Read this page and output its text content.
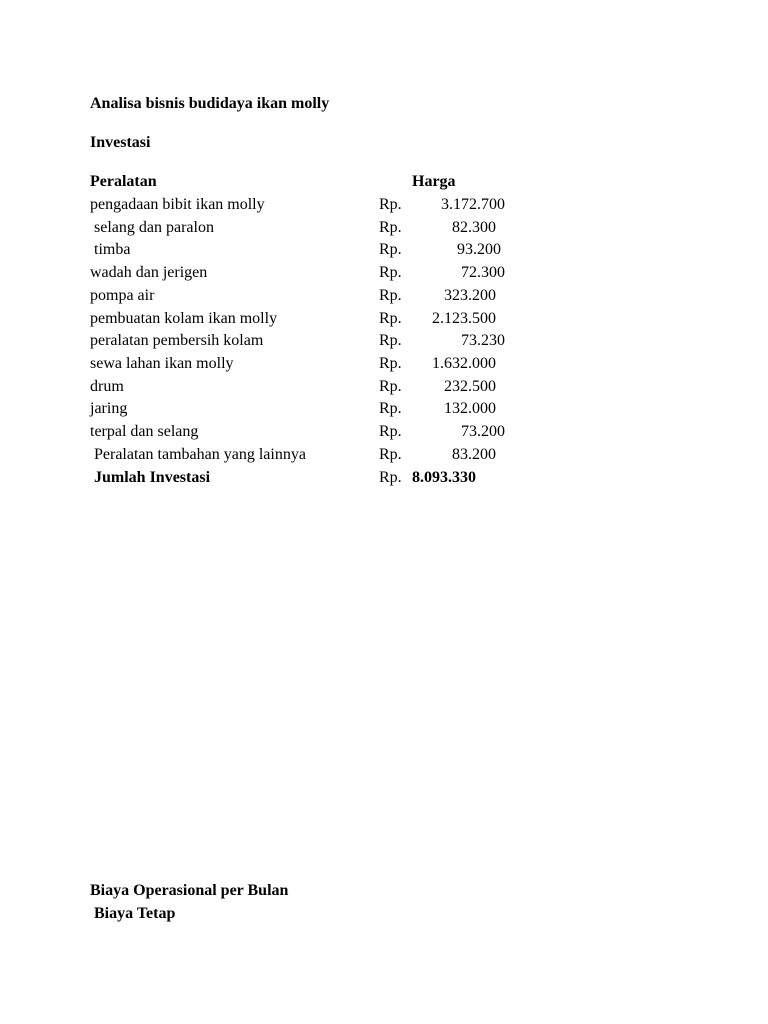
Analisa bisnis budidaya ikan molly
Investasi
Peralatan	Harga
pengadaan bibit ikan molly	Rp. 3.172.700
selang dan paralon	Rp.	82.300
timba	Rp.	93.200
wadah dan jerigen	Rp.	72.300
pompa air	Rp.	323.200
pembuatan kolam ikan molly	Rp. 2.123.500
peralatan pembersih kolam	Rp.	73.230
sewa lahan ikan molly	Rp. 1.632.000
drum	Rp.	232.500
jaring	Rp.	132.000
terpal dan selang	Rp.	73.200
Peralatan tambahan yang lainnya	Rp.	83.200
Jumlah Investasi	Rp. 8.093.330
Biaya Operasional per Bulan
Biaya Tetap
